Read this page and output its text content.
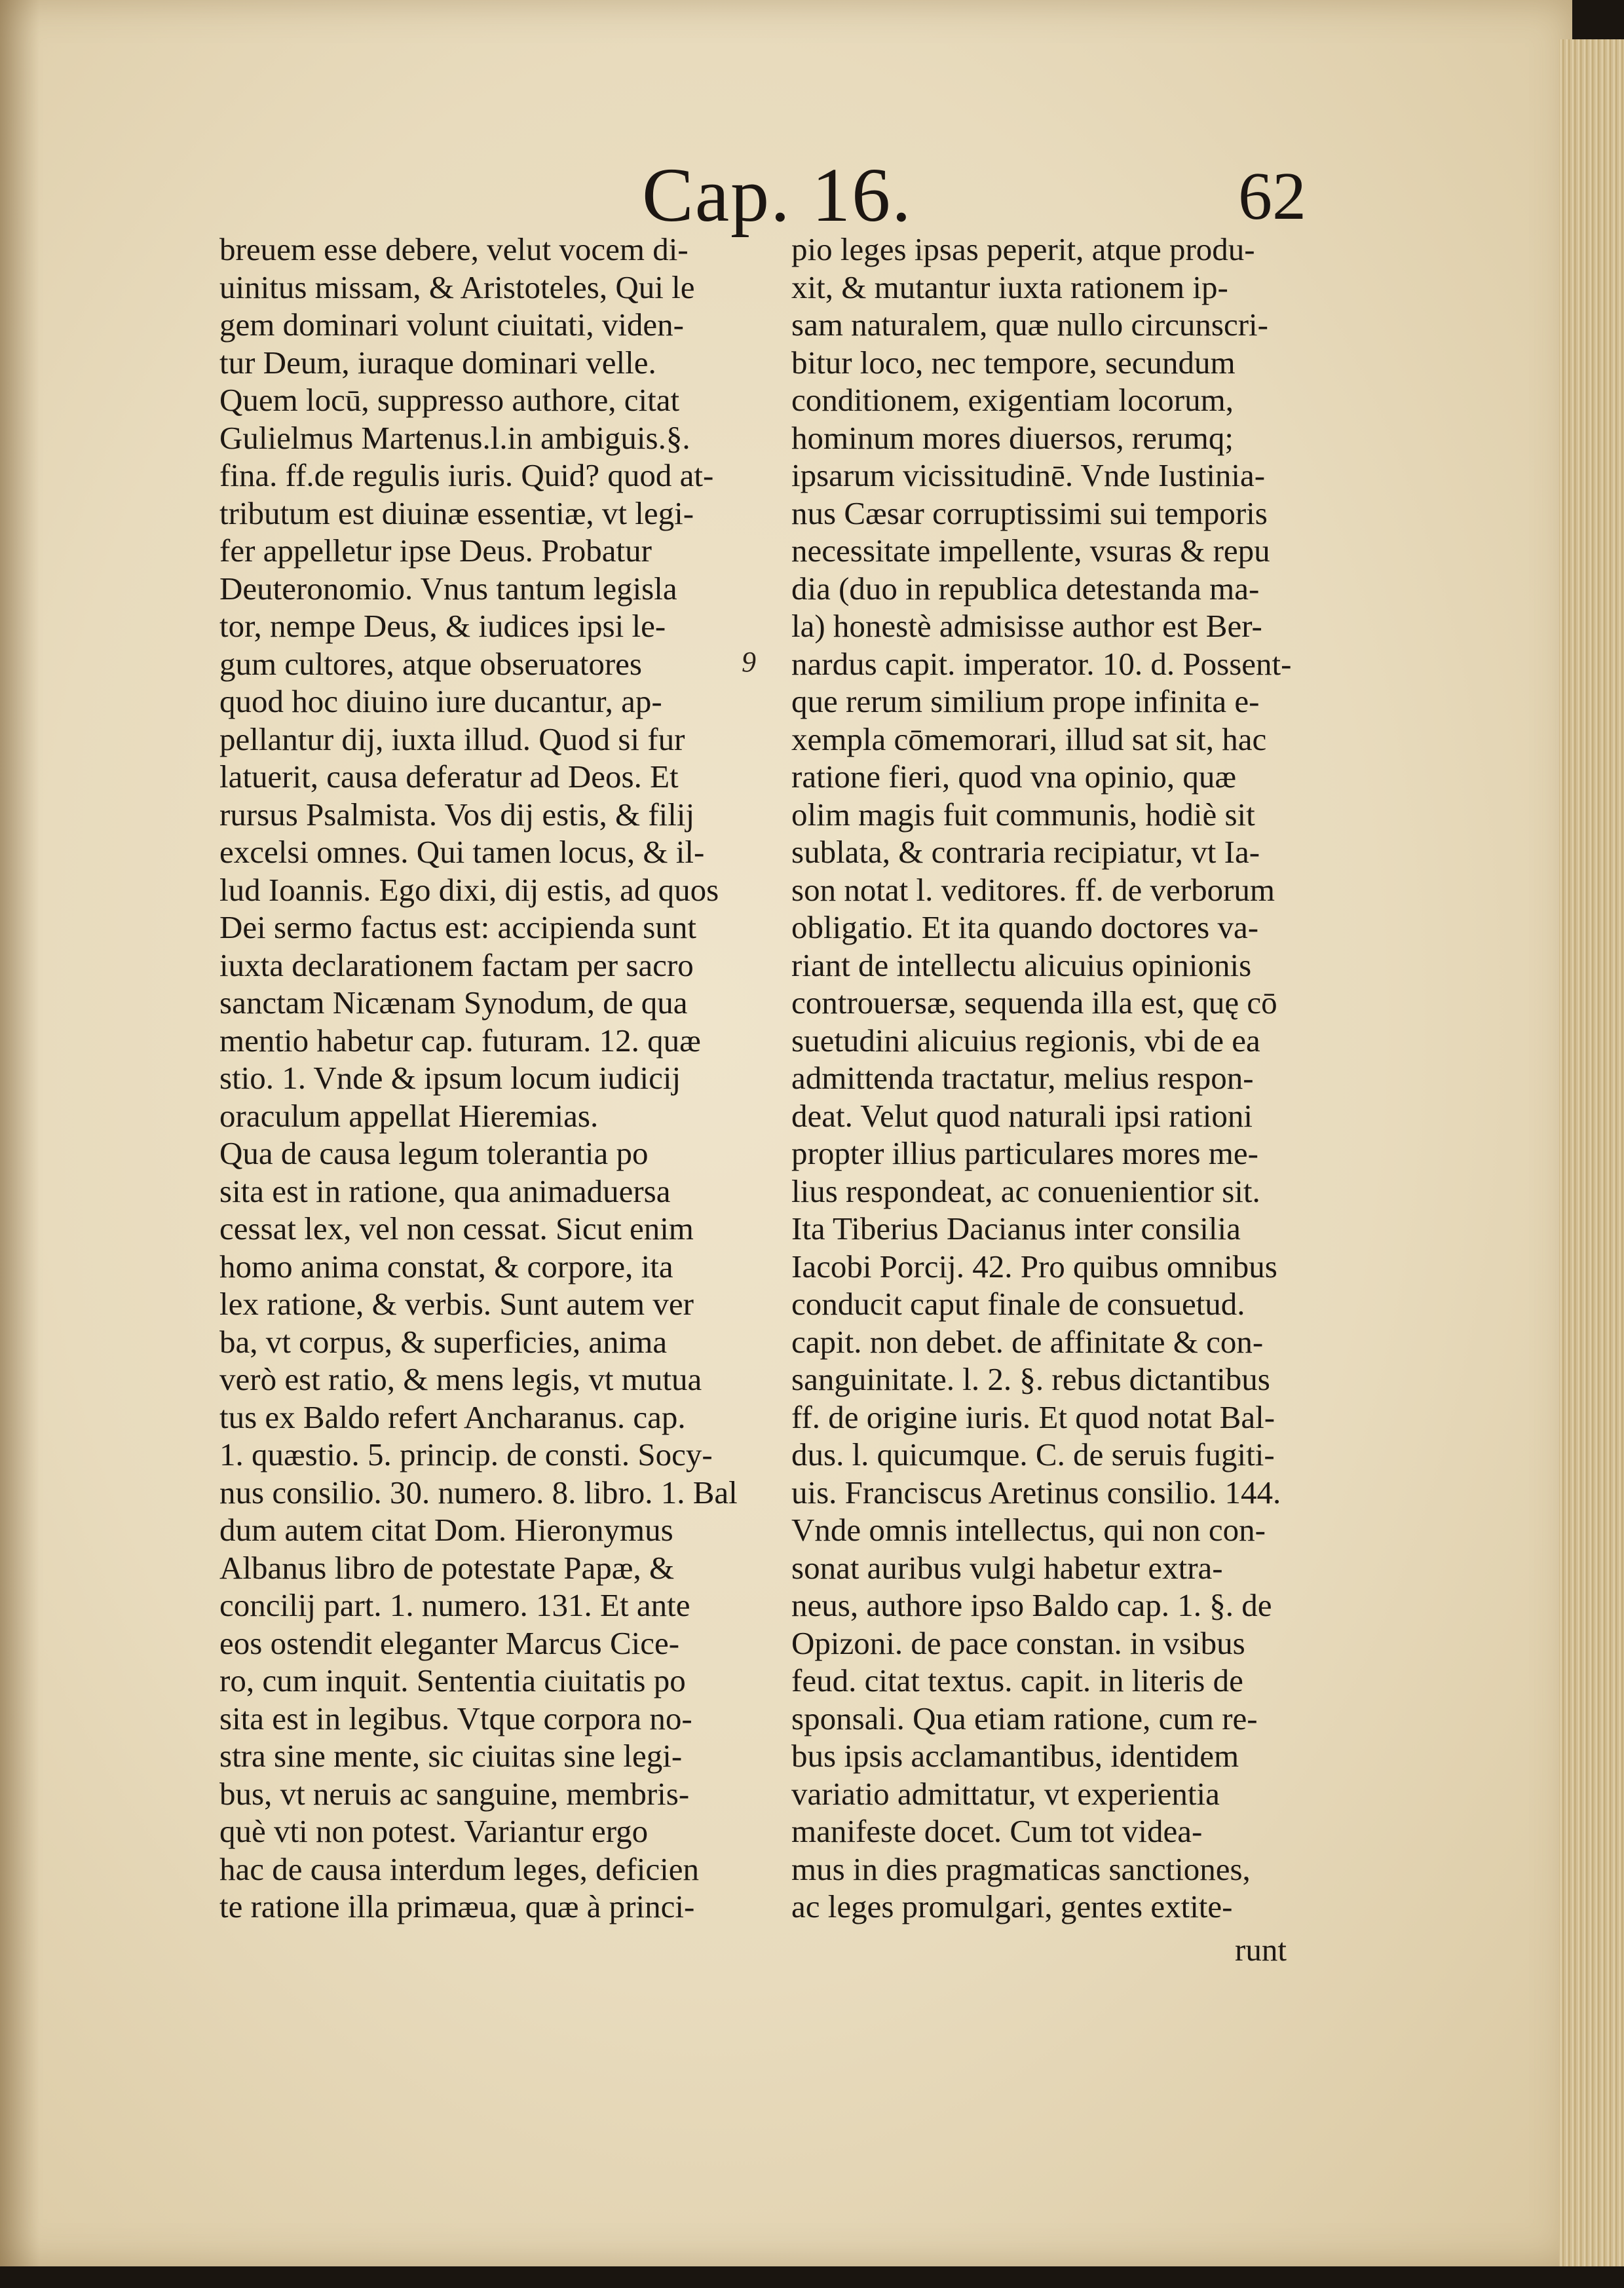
Cap. 16.	62
9
breuem esse debere, velut vocem di-
uinitus missam, & Aristoteles, Qui le
gem dominari volunt ciuitati, viden-
tur Deum, iuraque dominari velle.
Quem locū, suppresso authore, citat
Gulielmus Martenus.l.in ambiguis.§.
fina. ff.de regulis iuris. Quid? quod at-
tributum est diuinæ essentiæ, vt legi-
fer appelletur ipse Deus. Probatur
Deuteronomio. Vnus tantum legisla
tor, nempe Deus, & iudices ipsi le-
gum cultores, atque obseruatores
quod hoc diuino iure ducantur, ap-
pellantur dij, iuxta illud. Quod si fur
latuerit, causa deferatur ad Deos. Et
rursus Psalmista. Vos dij estis, & filij
excelsi omnes. Qui tamen locus, & il-
lud Ioannis. Ego dixi, dij estis, ad quos
Dei sermo factus est: accipienda sunt
iuxta declarationem factam per sacro
sanctam Nicænam Synodum, de qua
mentio habetur cap. futuram. 12. quæ
stio. 1. Vnde & ipsum locum iudicij
oraculum appellat Hieremias.
Qua de causa legum tolerantia po
sita est in ratione, qua animaduersa
cessat lex, vel non cessat. Sicut enim
homo anima constat, & corpore, ita
lex ratione, & verbis. Sunt autem ver
ba, vt corpus, & superficies, anima
verò est ratio, & mens legis, vt mutua
tus ex Baldo refert Ancharanus. cap.
1. quæstio. 5. princip. de consti. Socy-
nus consilio. 30. numero. 8. libro. 1. Bal
dum autem citat Dom. Hieronymus
Albanus libro de potestate Papæ, &
concilij part. 1. numero. 131. Et ante
eos ostendit eleganter Marcus Cice-
ro, cum inquit. Sententia ciuitatis po
sita est in legibus. Vtque corpora no-
stra sine mente, sic ciuitas sine legi-
bus, vt neruis ac sanguine, membris-
què vti non potest. Variantur ergo
hac de causa interdum leges, deficien
te ratione illa primæua, quæ à princi-
pio leges ipsas peperit, atque produ-
xit, & mutantur iuxta rationem ip-
sam naturalem, quæ nullo circunscri-
bitur loco, nec tempore, secundum
conditionem, exigentiam locorum,
hominum mores diuersos, rerumq;
ipsarum vicissitudinē. Vnde Iustinia-
nus Cæsar corruptissimi sui temporis
necessitate impellente, vsuras & repu
dia (duo in republica detestanda ma-
la) honestè admisisse author est Ber-
nardus capit. imperator. 10. d. Possent-
que rerum similium prope infinita e-
xempla cōmemorari, illud sat sit, hac
ratione fieri, quod vna opinio, quæ
olim magis fuit communis, hodiè sit
sublata, & contraria recipiatur, vt Ia-
son notat l. veditores. ff. de verborum
obligatio. Et ita quando doctores va-
riant de intellectu alicuius opinionis
controuersæ, sequenda illa est, quę cō
suetudini alicuius regionis, vbi de ea
admittenda tractatur, melius respon-
deat. Velut quod naturali ipsi rationi
propter illius particulares mores me-
lius respondeat, ac conuenientior sit.
Ita Tiberius Dacianus inter consilia
Iacobi Porcij. 42. Pro quibus omnibus
conducit caput finale de consuetud.
capit. non debet. de affinitate & con-
sanguinitate. l. 2. §. rebus dictantibus
ff. de origine iuris. Et quod notat Bal-
dus. l. quicumque. C. de seruis fugiti-
uis. Franciscus Aretinus consilio. 144.
Vnde omnis intellectus, qui non con-
sonat auribus vulgi habetur extra-
neus, authore ipso Baldo cap. 1. §. de
Opizoni. de pace constan. in vsibus
feud. citat textus. capit. in literis de
sponsali. Qua etiam ratione, cum re-
bus ipsis acclamantibus, identidem
variatio admittatur, vt experientia
manifeste docet. Cum tot videa-
mus in dies pragmaticas sanctiones,
ac leges promulgari, gentes extite-
runt
